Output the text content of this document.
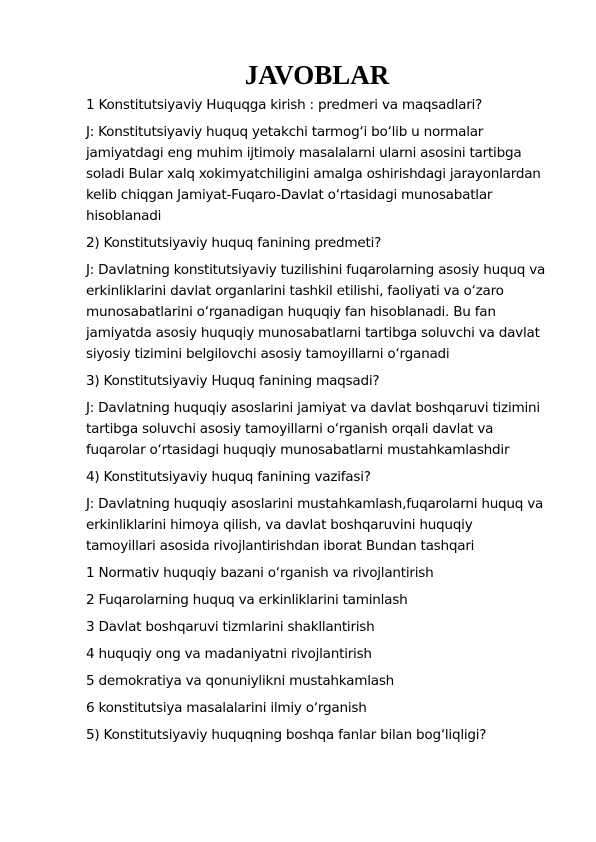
JAVOBLAR

1 Konstitutsiyaviy Huquqga kirish : predmeri va maqsadlari?

J: Konstitutsiyaviy huquq yetakchi tarmog‘i bo‘lib u normalar jamiyatdagi eng muhim ijtimoiy masalalarni ularni asosini tartibga soladi Bular xalq xokimyatchiligini amalga oshirishdagi jarayonlardan kelib chiqgan Jamiyat-Fuqaro-Davlat o‘rtasidagi munosabatlar hisoblanadi

2) Konstitutsiyaviy huquq fanining predmeti?

J: Davlatning konstitutsiyaviy tuzilishini fuqarolarning asosiy huquq va erkinliklarini davlat organlarini tashkil etilishi, faoliyati va o‘zaro munosabatlarini o‘rganadigan huquqiy fan hisoblanadi. Bu fan jamiyatda asosiy huquqiy munosabatlarni tartibga soluvchi va davlat siyosiy tizimini belgilovchi asosiy tamoyillarni o‘rganadi

3) Konstitutsiyaviy Huquq fanining maqsadi?

J: Davlatning huquqiy asoslarini jamiyat va davlat boshqaruvi tizimini tartibga soluvchi asosiy tamoyillarni o‘rganish orqali davlat va fuqarolar o‘rtasidagi huquqiy munosabatlarni mustahkamlashdir

4) Konstitutsiyaviy huquq fanining vazifasi?

J: Davlatning huquqiy asoslarini mustahkamlash,fuqarolarni huquq va erkinliklarini himoya qilish, va davlat boshqaruvini huquqiy tamoyillari asosida rivojlantirishdan iborat Bundan tashqari

1 Normativ huquqiy bazani o‘rganish va rivojlantirish

2 Fuqarolarning huquq va erkinliklarini taminlash

3 Davlat boshqaruvi tizmlarini shakllantirish

4 huquqiy ong va madaniyatni rivojlantirish

5 demokratiya va qonuniylikni mustahkamlash

6 konstitutsiya masalalarini ilmiy o‘rganish

5) Konstitutsiyaviy huquqning boshqa fanlar bilan bog‘liqligi?
